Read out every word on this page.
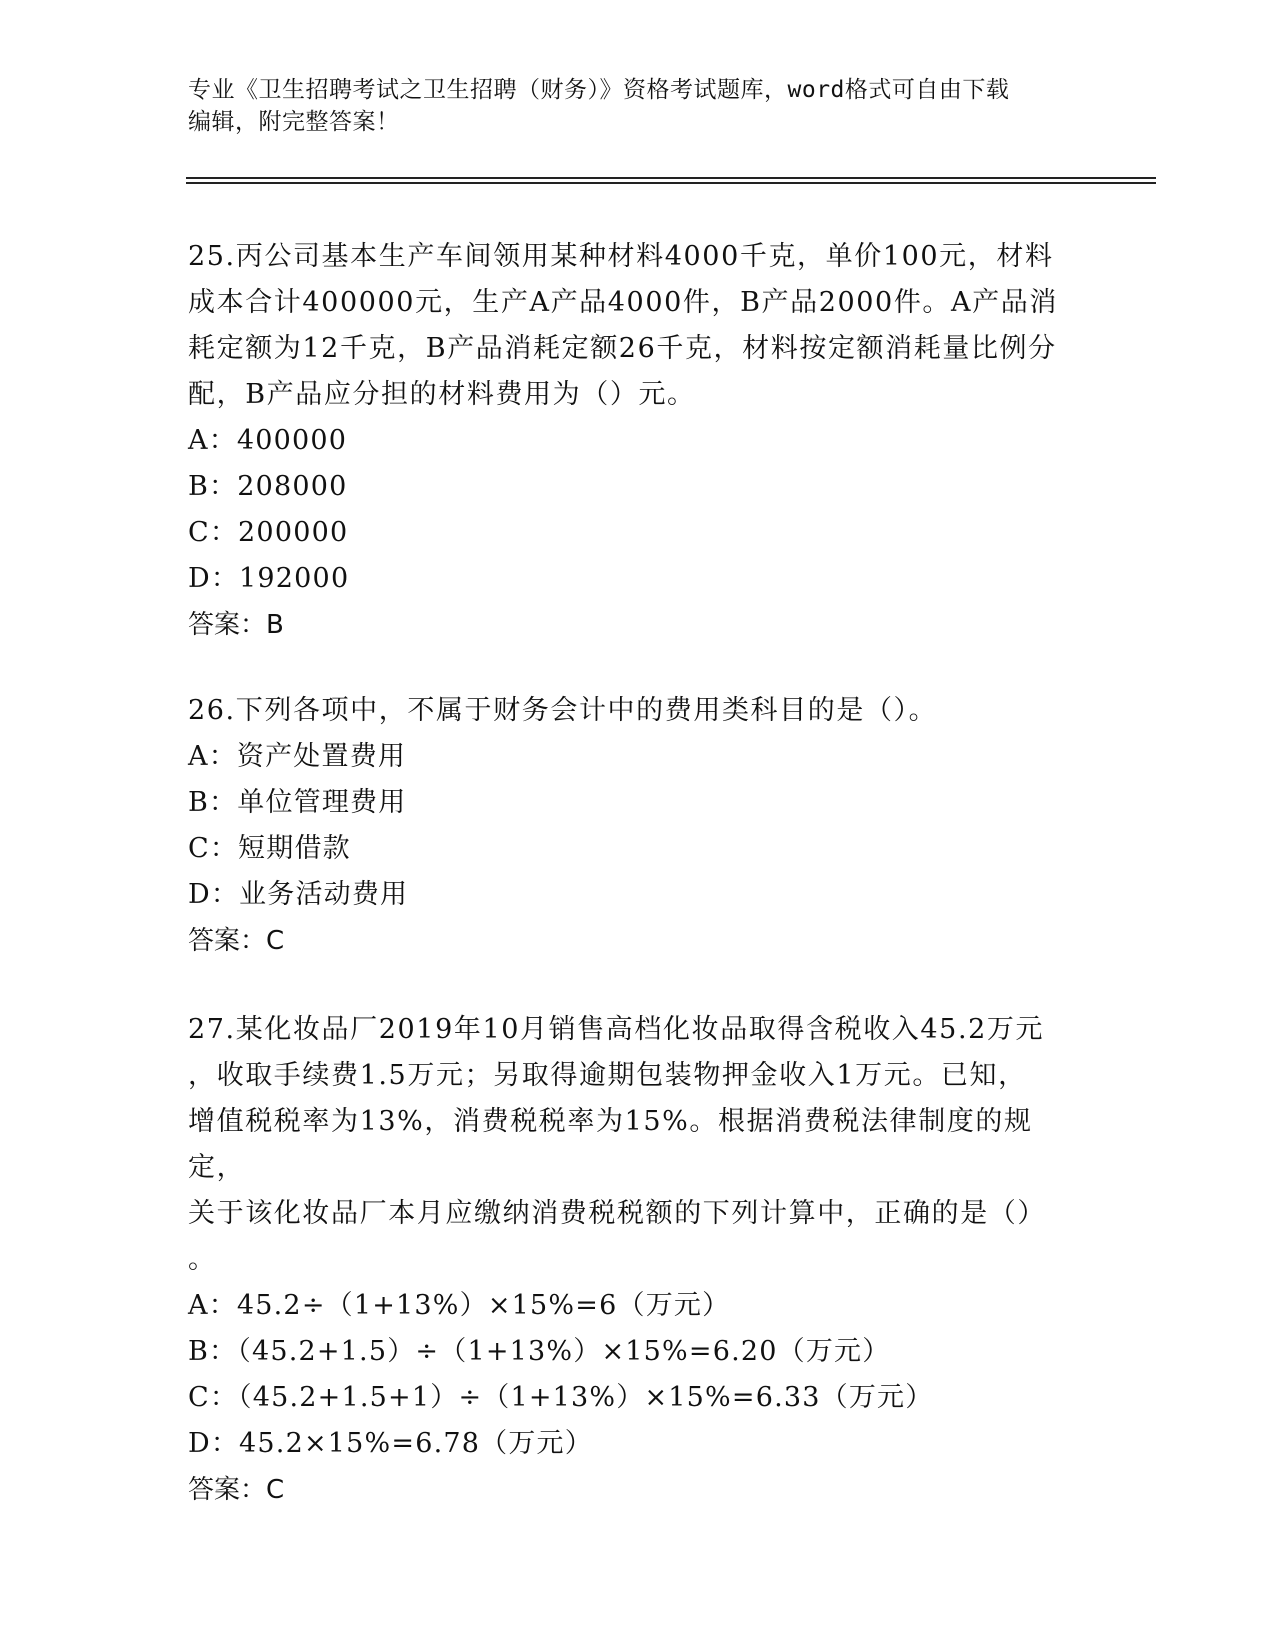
专业《卫生招聘考试之卫生招聘（财务）》资格考试题库，word格式可自由下载
编辑，附完整答案！

25.丙公司基本生产车间领用某种材料4000千克，单价100元，材料

成本合计400000元，生产A产品4000件，B产品2000件。A产品消

耗定额为12千克，B产品消耗定额26千克，材料按定额消耗量比例分

配，B产品应分担的材料费用为（）元。

A：400000

B：208000

C：200000

D：192000

答案：B

26.下列各项中，不属于财务会计中的费用类科目的是（）。

A：资产处置费用

B：单位管理费用

C：短期借款

D：业务活动费用

答案：C

27.某化妆品厂2019年10月销售高档化妆品取得含税收入45.2万元

，收取手续费1.5万元；另取得逾期包装物押金收入1万元。已知，

增值税税率为13%，消费税税率为15%。根据消费税法律制度的规定，

关于该化妆品厂本月应缴纳消费税税额的下列计算中，正确的是（）

。

A：45.2÷（1+13%）×15%=6（万元）

B：（45.2+1.5）÷（1+13%）×15%=6.20（万元）

C：（45.2+1.5+1）÷（1+13%）×15%=6.33（万元）

D：45.2×15%=6.78（万元）

答案：C
